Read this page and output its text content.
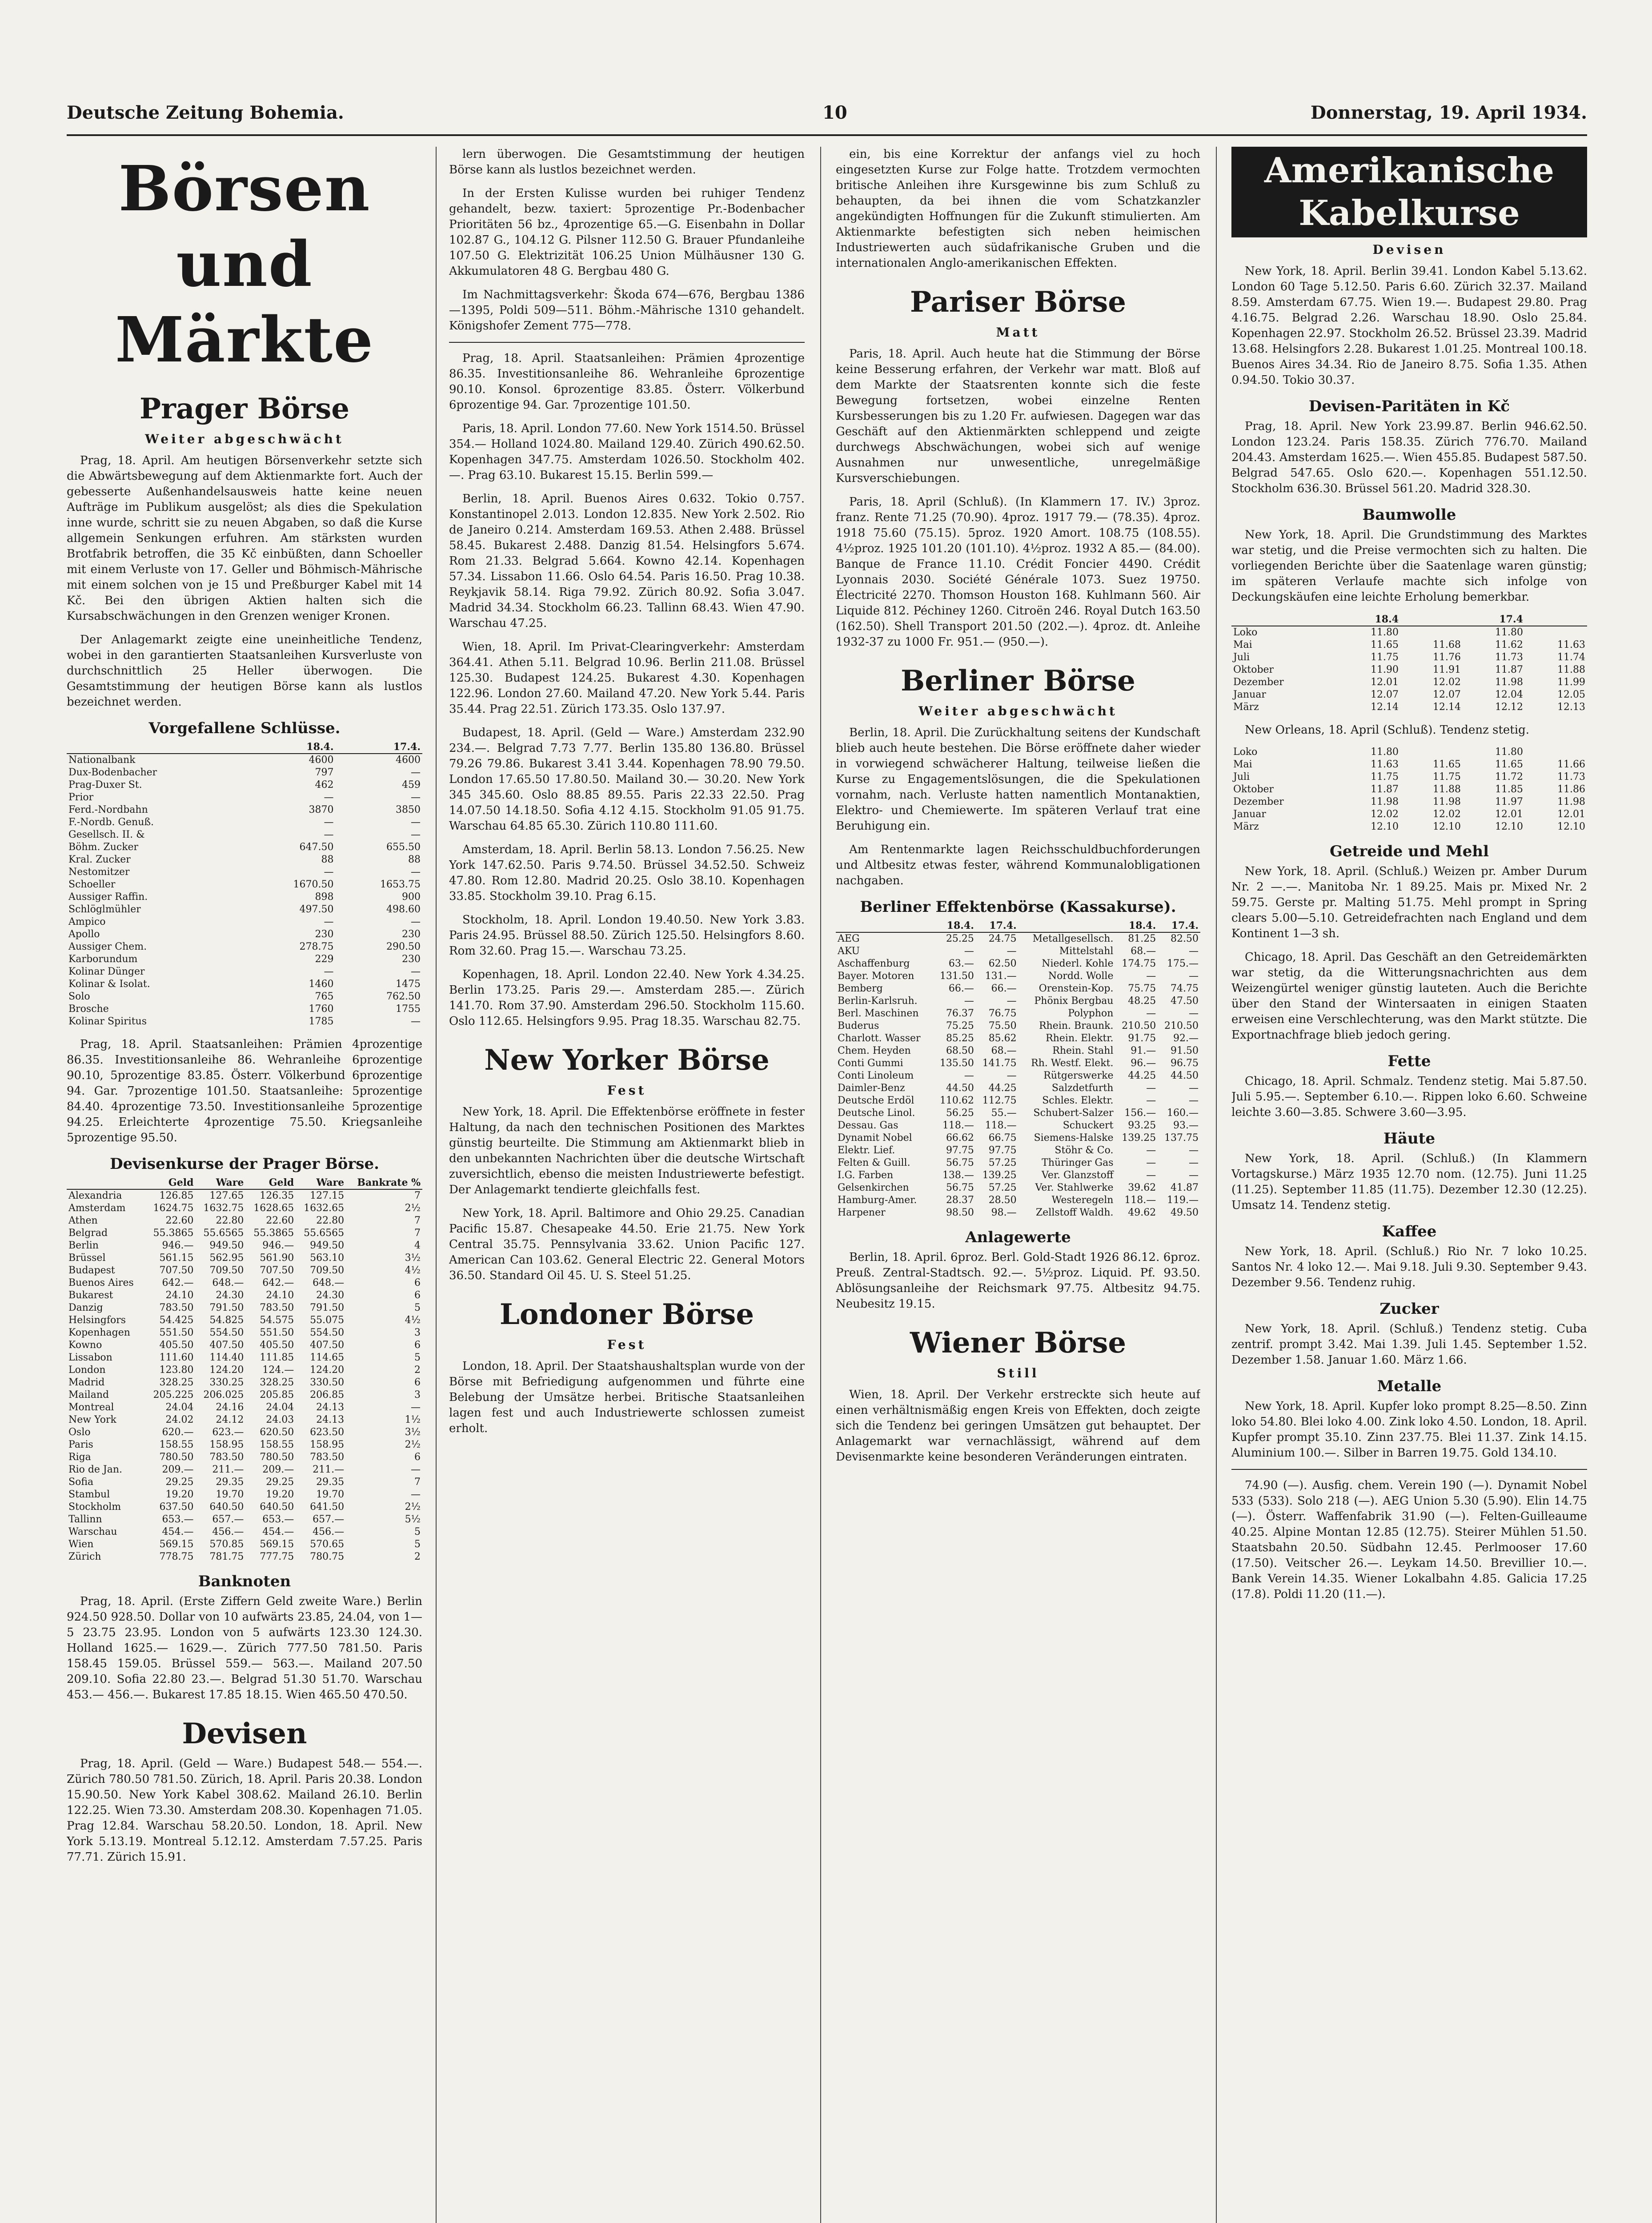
Deutsche Zeitung Bohemia.	10	Donnerstag, 19. April 1934.
Börsen und Märkte
Prager Börse
Weiter abgeschwächt

Prag, 18. April. Am heutigen Börsenverkehr setzte sich die Abwärtsbewegung auf dem Aktienmarkte fort. Auch der gebesserte Außenhandelsausweis hatte keine neuen Aufträge im Publikum ausgelöst; als dies die Spekulation inne wurde, schritt sie zu neuen Abgaben, so daß die Kurse allgemein Senkungen erfuhren. Am stärksten wurden Brotfabrik betroffen, die 35 Kč einbüßten, dann Schoeller mit einem Verluste von 17. Geller und Böhmisch-Mährische mit einem solchen von je 15 und Preßburger Kabel mit 14 Kč. Bei den übrigen Aktien halten sich die Kursabschwächungen in den Grenzen weniger Kronen.

Der Anlagemarkt zeigte eine uneinheitliche Tendenz, wobei in den garantierten Staatsanleihen Kursverluste von durchschnittlich 25 Heller überwogen. Die Gesamtstimmung der heutigen Börse kann als lustlos bezeichnet werden.

Vorgefallene Schlüsse.
	18.4.	17.4.
Nationalbank	4600	4600
Dux-Bodenbacher	797	—
Prag-Duxer St.	462	459
Prior	—	—
Ferd.-Nordbahn	3870	3850
F.-Nordb. Genuß.	—	—
Gesellsch. II. &	—	—
Böhm. Zucker	647.50	655.50
Kral. Zucker	88	88
Nestomitzer	—	—
Schoeller	1670.50	1653.75
Aussiger Raffin.	898	900
Schlöglmühler	497.50	498.60
Ampico	—	—
Apollo	230	230
Aussiger Chem.	278.75	290.50
Karborundum	229	230
Kolinar Dünger	—	—
Kolinar & Isolat.	1460	1475
Solo	765	762.50
Brosche	1760	1755
Kolinar Spiritus	1785	—

Prag, 18. April. Staatsanleihen: Prämien 4prozentige 86.35. Investitionsanleihe 86. Wehranleihe 6prozentige 90.10, 5prozentige 83.85. Österr. Völkerbund 6prozentige 94. Gar. 7prozentige 101.50. Staatsanleihe: 5prozentige 84.40. 4prozentige 73.50. Investitionsanleihe 5prozentige 94.25. Erleichterte 4prozentige 75.50. Kriegsanleihe 5prozentige 95.50.

Devisenkurse der Prager Börse.
	Geld	Ware	Geld	Ware	Bankrate %
Alexandria	126.85	127.65	126.35	127.15	7
Amsterdam	1624.75	1632.75	1628.65	1632.65	2½
Athen	22.60	22.80	22.60	22.80	7
Belgrad	55.3865	55.6565	55.3865	55.6565	7
Berlin	946.—	949.50	946.—	949.50	4
Brüssel	561.15	562.95	561.90	563.10	3½
Budapest	707.50	709.50	707.50	709.50	4½
Buenos Aires	642.—	648.—	642.—	648.—	6
Bukarest	24.10	24.30	24.10	24.30	6
Danzig	783.50	791.50	783.50	791.50	5
Helsingfors	54.425	54.825	54.575	55.075	4½
Kopenhagen	551.50	554.50	551.50	554.50	3
Kowno	405.50	407.50	405.50	407.50	6
Lissabon	111.60	114.40	111.85	114.65	5
London	123.80	124.20	124.—	124.20	2
Madrid	328.25	330.25	328.25	330.50	6
Mailand	205.225	206.025	205.85	206.85	3
Montreal	24.04	24.16	24.04	24.13	—
New York	24.02	24.12	24.03	24.13	1½
Oslo	620.—	623.—	620.50	623.50	3½
Paris	158.55	158.95	158.55	158.95	2½
Riga	780.50	783.50	780.50	783.50	6
Rio de Jan.	209.—	211.—	209.—	211.—	—
Sofia	29.25	29.35	29.25	29.35	7
Stambul	19.20	19.70	19.20	19.70	—
Stockholm	637.50	640.50	640.50	641.50	2½
Tallinn	653.—	657.—	653.—	657.—	5½
Warschau	454.—	456.—	454.—	456.—	5
Wien	569.15	570.85	569.15	570.65	5
Zürich	778.75	781.75	777.75	780.75	2
Banknoten

Prag, 18. April. (Erste Ziffern Geld zweite Ware.) Berlin 924.50 928.50. Dollar von 10 aufwärts 23.85, 24.04, von 1—5 23.75 23.95. London von 5 aufwärts 123.30 124.30. Holland 1625.— 1629.—. Zürich 777.50 781.50. Paris 158.45 159.05. Brüssel 559.— 563.—. Mailand 207.50 209.10. Sofia 22.80 23.—. Belgrad 51.30 51.70. Warschau 453.— 456.—. Bukarest 17.85 18.15. Wien 465.50 470.50.

Devisen

Prag, 18. April. (Geld — Ware.) Budapest 548.— 554.—. Zürich 780.50 781.50. Zürich, 18. April. Paris 20.38. London 15.90.50. New York Kabel 308.62. Mailand 26.10. Berlin 122.25. Wien 73.30. Amsterdam 208.30. Kopenhagen 71.05. Prag 12.84. Warschau 58.20.50. London, 18. April. New York 5.13.19. Montreal 5.12.12. Amsterdam 7.57.25. Paris 77.71. Zürich 15.91.

lern überwogen. Die Gesamtstimmung der heutigen Börse kann als lustlos bezeichnet werden.

In der Ersten Kulisse wurden bei ruhiger Tendenz gehandelt, bezw. taxiert: 5prozentige Pr.-Bodenbacher Prioritäten 56 bz., 4prozentige 65.—G. Eisenbahn in Dollar 102.87 G., 104.12 G. Pilsner 112.50 G. Brauer Pfundanleihe 107.50 G. Elektrizität 106.25 Union Mülhäusner 130 G. Akkumulatoren 48 G. Bergbau 480 G.

Im Nachmittagsverkehr: Škoda 674—676, Bergbau 1386—1395, Poldi 509—511. Böhm.-Mährische 1310 gehandelt. Königshofer Zement 775—778.

Prag, 18. April. Staatsanleihen: Prämien 4prozentige 86.35. Investitionsanleihe 86. Wehranleihe 6prozentige 90.10. Konsol. 6prozentige 83.85. Österr. Völkerbund 6prozentige 94. Gar. 7prozentige 101.50.

Paris, 18. April. London 77.60. New York 1514.50. Brüssel 354.— Holland 1024.80. Mailand 129.40. Zürich 490.62.50. Kopenhagen 347.75. Amsterdam 1026.50. Stockholm 402.—. Prag 63.10. Bukarest 15.15. Berlin 599.—

Berlin, 18. April. Buenos Aires 0.632. Tokio 0.757. Konstantinopel 2.013. London 12.835. New York 2.502. Rio de Janeiro 0.214. Amsterdam 169.53. Athen 2.488. Brüssel 58.45. Bukarest 2.488. Danzig 81.54. Helsingfors 5.674. Rom 21.33. Belgrad 5.664. Kowno 42.14. Kopenhagen 57.34. Lissabon 11.66. Oslo 64.54. Paris 16.50. Prag 10.38. Reykjavik 58.14. Riga 79.92. Zürich 80.92. Sofia 3.047. Madrid 34.34. Stockholm 66.23. Tallinn 68.43. Wien 47.90. Warschau 47.25.

Wien, 18. April. Im Privat-Clearingverkehr: Amsterdam 364.41. Athen 5.11. Belgrad 10.96. Berlin 211.08. Brüssel 125.30. Budapest 124.25. Bukarest 4.30. Kopenhagen 122.96. London 27.60. Mailand 47.20. New York 5.44. Paris 35.44. Prag 22.51. Zürich 173.35. Oslo 137.97.

Budapest, 18. April. (Geld — Ware.) Amsterdam 232.90 234.—. Belgrad 7.73 7.77. Berlin 135.80 136.80. Brüssel 79.26 79.86. Bukarest 3.41 3.44. Kopenhagen 78.90 79.50. London 17.65.50 17.80.50. Mailand 30.— 30.20. New York 345 345.60. Oslo 88.85 89.55. Paris 22.33 22.50. Prag 14.07.50 14.18.50. Sofia 4.12 4.15. Stockholm 91.05 91.75. Warschau 64.85 65.30. Zürich 110.80 111.60.

Amsterdam, 18. April. Berlin 58.13. London 7.56.25. New York 147.62.50. Paris 9.74.50. Brüssel 34.52.50. Schweiz 47.80. Rom 12.80. Madrid 20.25. Oslo 38.10. Kopenhagen 33.85. Stockholm 39.10. Prag 6.15.

Stockholm, 18. April. London 19.40.50. New York 3.83. Paris 24.95. Brüssel 88.50. Zürich 125.50. Helsingfors 8.60. Rom 32.60. Prag 15.—. Warschau 73.25.

Kopenhagen, 18. April. London 22.40. New York 4.34.25. Berlin 173.25. Paris 29.—. Amsterdam 285.—. Zürich 141.70. Rom 37.90. Amsterdam 296.50. Stockholm 115.60. Oslo 112.65. Helsingfors 9.95. Prag 18.35. Warschau 82.75.

New Yorker Börse
Fest

New York, 18. April. Die Effektenbörse eröffnete in fester Haltung, da nach den technischen Positionen des Marktes günstig beurteilte. Die Stimmung am Aktienmarkt blieb in den unbekannten Nachrichten über die deutsche Wirtschaft zuversichtlich, ebenso die meisten Industriewerte befestigt. Der Anlagemarkt tendierte gleichfalls fest.

New York, 18. April. Baltimore and Ohio 29.25. Canadian Pacific 15.87. Chesapeake 44.50. Erie 21.75. New York Central 35.75. Pennsylvania 33.62. Union Pacific 127. American Can 103.62. General Electric 22. General Motors 36.50. Standard Oil 45. U. S. Steel 51.25.

Londoner Börse
Fest

London, 18. April. Der Staatshaushaltsplan wurde von der Börse mit Befriedigung aufgenommen und führte eine Belebung der Umsätze herbei. Britische Staatsanleihen lagen fest und auch Industriewerte schlossen zumeist erholt.

ein, bis eine Korrektur der anfangs viel zu hoch eingesetzten Kurse zur Folge hatte. Trotzdem vermochten britische Anleihen ihre Kursgewinne bis zum Schluß zu behaupten, da bei ihnen die vom Schatzkanzler angekündigten Hoffnungen für die Zukunft stimulierten. Am Aktienmarkte befestigten sich neben heimischen Industriewerten auch südafrikanische Gruben und die internationalen Anglo-amerikanischen Effekten.

Pariser Börse
Matt

Paris, 18. April. Auch heute hat die Stimmung der Börse keine Besserung erfahren, der Verkehr war matt. Bloß auf dem Markte der Staatsrenten konnte sich die feste Bewegung fortsetzen, wobei einzelne Renten Kursbesserungen bis zu 1.20 Fr. aufwiesen. Dagegen war das Geschäft auf den Aktienmärkten schleppend und zeigte durchwegs Abschwächungen, wobei sich auf wenige Ausnahmen nur unwesentliche, unregelmäßige Kursverschiebungen.

Paris, 18. April (Schluß). (In Klammern 17. IV.) 3proz. franz. Rente 71.25 (70.90). 4proz. 1917 79.— (78.35). 4proz. 1918 75.60 (75.15). 5proz. 1920 Amort. 108.75 (108.55). 4½proz. 1925 101.20 (101.10). 4½proz. 1932 A 85.— (84.00). Banque de France 11.10. Crédit Foncier 4490. Crédit Lyonnais 2030. Société Générale 1073. Suez 19750. Électricité 2270. Thomson Houston 168. Kuhlmann 560. Air Liquide 812. Péchiney 1260. Citroën 246. Royal Dutch 163.50 (162.50). Shell Transport 201.50 (202.—). 4proz. dt. Anleihe 1932-37 zu 1000 Fr. 951.— (950.—).

Berliner Börse
Weiter abgeschwächt

Berlin, 18. April. Die Zurückhaltung seitens der Kundschaft blieb auch heute bestehen. Die Börse eröffnete daher wieder in vorwiegend schwächerer Haltung, teilweise ließen die Kurse zu Engagementslösungen, die die Spekulationen vornahm, nach. Verluste hatten namentlich Montanaktien, Elektro- und Chemiewerte. Im späteren Verlauf trat eine Beruhigung ein.

Am Rentenmarkte lagen Reichsschuldbuchforderungen und Altbesitz etwas fester, während Kommunalobligationen nachgaben.

Berliner Effektenbörse (Kassakurse).
	18.4.	17.4.		18.4.	17.4.
AEG	25.25	24.75	Metallgesellsch.	81.25	82.50
AKU	—	—	Mittelstahl	68.—	—
Aschaffenburg	63.—	62.50	Niederl. Kohle	174.75	175.—
Bayer. Motoren	131.50	131.—	Nordd. Wolle	—	—
Bemberg	66.—	66.—	Orenstein-Kop.	75.75	74.75
Berlin-Karlsruh.	—	—	Phönix Bergbau	48.25	47.50
Berl. Maschinen	76.37	76.75	Polyphon	—	—
Buderus	75.25	75.50	Rhein. Braunk.	210.50	210.50
Charlott. Wasser	85.25	85.62	Rhein. Elektr.	91.75	92.—
Chem. Heyden	68.50	68.—	Rhein. Stahl	91.—	91.50
Conti Gummi	135.50	141.75	Rh. Westf. Elekt.	96.—	96.75
Conti Linoleum	—	—	Rütgerswerke	44.25	44.50
Daimler-Benz	44.50	44.25	Salzdetfurth	—	—
Deutsche Erdöl	110.62	112.75	Schles. Elektr.	—	—
Deutsche Linol.	56.25	55.—	Schubert-Salzer	156.—	160.—
Dessau. Gas	118.—	118.—	Schuckert	93.25	93.—
Dynamit Nobel	66.62	66.75	Siemens-Halske	139.25	137.75
Elektr. Lief.	97.75	97.75	Stöhr & Co.	—	—
Felten & Guill.	56.75	57.25	Thüringer Gas	—	—
I.G. Farben	138.—	139.25	Ver. Glanzstoff	—	—
Gelsenkirchen	56.75	57.25	Ver. Stahlwerke	39.62	41.87
Hamburg-Amer.	28.37	28.50	Westeregeln	118.—	119.—
Harpener	98.50	98.—	Zellstoff Waldh.	49.62	49.50
Anlagewerte

Berlin, 18. April. 6proz. Berl. Gold-Stadt 1926 86.12. 6proz. Preuß. Zentral-Stadtsch. 92.—. 5½proz. Liquid. Pf. 93.50. Ablösungsanleihe der Reichsmark 97.75. Altbesitz 94.75. Neubesitz 19.15.

Wiener Börse
Still

Wien, 18. April. Der Verkehr erstreckte sich heute auf einen verhältnismäßig engen Kreis von Effekten, doch zeigte sich die Tendenz bei geringen Umsätzen gut behauptet. Der Anlagemarkt war vernachlässigt, während auf dem Devisenmarkte keine besonderen Veränderungen eintraten.

Amerikanische Kabelkurse
Devisen

New York, 18. April. Berlin 39.41. London Kabel 5.13.62. London 60 Tage 5.12.50. Paris 6.60. Zürich 32.37. Mailand 8.59. Amsterdam 67.75. Wien 19.—. Budapest 29.80. Prag 4.16.75. Belgrad 2.26. Warschau 18.90. Oslo 25.84. Kopenhagen 22.97. Stockholm 26.52. Brüssel 23.39. Madrid 13.68. Helsingfors 2.28. Bukarest 1.01.25. Montreal 100.18. Buenos Aires 34.34. Rio de Janeiro 8.75. Sofia 1.35. Athen 0.94.50. Tokio 30.37.

Devisen-Paritäten in Kč

Prag, 18. April. New York 23.99.87. Berlin 946.62.50. London 123.24. Paris 158.35. Zürich 776.70. Mailand 204.43. Amsterdam 1625.—. Wien 455.85. Budapest 587.50. Belgrad 547.65. Oslo 620.—. Kopenhagen 551.12.50. Stockholm 636.30. Brüssel 561.20. Madrid 328.30.

Baumwolle

New York, 18. April. Die Grundstimmung des Marktes war stetig, und die Preise vermochten sich zu halten. Die vorliegenden Berichte über die Saatenlage waren günstig; im späteren Verlaufe machte sich infolge von Deckungskäufen eine leichte Erholung bemerkbar.

	18.4		17.4	
Loko	11.80		11.80	
Mai	11.65	11.68	11.62	11.63
Juli	11.75	11.76	11.73	11.74
Oktober	11.90	11.91	11.87	11.88
Dezember	12.01	12.02	11.98	11.99
Januar	12.07	12.07	12.04	12.05
März	12.14	12.14	12.12	12.13

New Orleans, 18. April (Schluß). Tendenz stetig.

Loko	11.80		11.80	
Mai	11.63	11.65	11.65	11.66
Juli	11.75	11.75	11.72	11.73
Oktober	11.87	11.88	11.85	11.86
Dezember	11.98	11.98	11.97	11.98
Januar	12.02	12.02	12.01	12.01
März	12.10	12.10	12.10	12.10
Getreide und Mehl

New York, 18. April. (Schluß.) Weizen pr. Amber Durum Nr. 2 —.—. Manitoba Nr. 1 89.25. Mais pr. Mixed Nr. 2 59.75. Gerste pr. Malting 51.75. Mehl prompt in Spring clears 5.00—5.10. Getreidefrachten nach England und dem Kontinent 1—3 sh.

Chicago, 18. April. Das Geschäft an den Getreidemärkten war stetig, da die Witterungsnachrichten aus dem Weizengürtel weniger günstig lauteten. Auch die Berichte über den Stand der Wintersaaten in einigen Staaten erweisen eine Verschlechterung, was den Markt stützte. Die Exportnachfrage blieb jedoch gering.

Fette

Chicago, 18. April. Schmalz. Tendenz stetig. Mai 5.87.50. Juli 5.95.—. September 6.10.—. Rippen loko 6.60. Schweine leichte 3.60—3.85. Schwere 3.60—3.95.

Häute

New York, 18. April. (Schluß.) (In Klammern Vortagskurse.) März 1935 12.70 nom. (12.75). Juni 11.25 (11.25). September 11.85 (11.75). Dezember 12.30 (12.25). Umsatz 14. Tendenz stetig.

Kaffee

New York, 18. April. (Schluß.) Rio Nr. 7 loko 10.25. Santos Nr. 4 loko 12.—. Mai 9.18. Juli 9.30. September 9.43. Dezember 9.56. Tendenz ruhig.

Zucker

New York, 18. April. (Schluß.) Tendenz stetig. Cuba zentrif. prompt 3.42. Mai 1.39. Juli 1.45. September 1.52. Dezember 1.58. Januar 1.60. März 1.66.

Metalle

New York, 18. April. Kupfer loko prompt 8.25—8.50. Zinn loko 54.80. Blei loko 4.00. Zink loko 4.50. London, 18. April. Kupfer prompt 35.10. Zinn 237.75. Blei 11.37. Zink 14.15. Aluminium 100.—. Silber in Barren 19.75. Gold 134.10.

74.90 (—). Ausfig. chem. Verein 190 (—). Dynamit Nobel 533 (533). Solo 218 (—). AEG Union 5.30 (5.90). Elin 14.75 (—). Österr. Waffenfabrik 31.90 (—). Felten-Guilleaume 40.25. Alpine Montan 12.85 (12.75). Steirer Mühlen 51.50. Staatsbahn 20.50. Südbahn 12.45. Perlmooser 17.60 (17.50). Veitscher 26.—. Leykam 14.50. Brevillier 10.—. Bank Verein 14.35. Wiener Lokalbahn 4.85. Galicia 17.25 (17.8). Poldi 11.20 (11.—).
